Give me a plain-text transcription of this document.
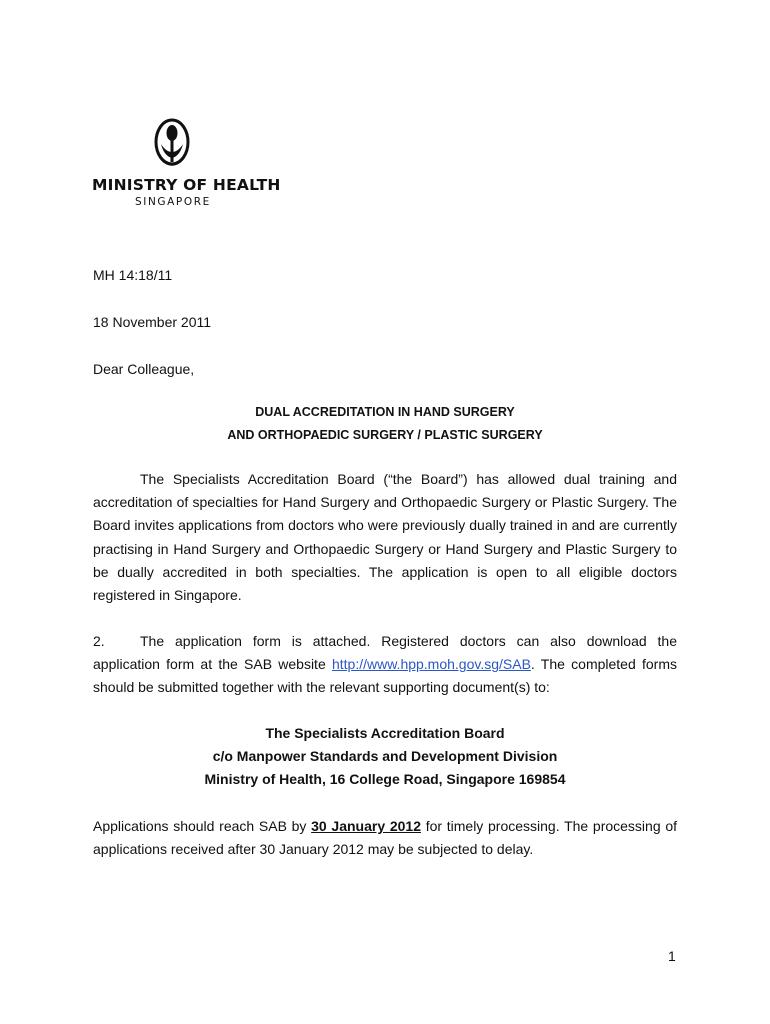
MINISTRY OF HEALTH
SINGAPORE
MH 14:18/11
18 November 2011
Dear Colleague,
DUAL ACCREDITATION IN HAND SURGERY
AND ORTHOPAEDIC SURGERY / PLASTIC SURGERY
The Specialists Accreditation Board (“the Board”) has allowed dual training and accreditation of specialties for Hand Surgery and Orthopaedic Surgery or Plastic Surgery. The Board invites applications from doctors who were previously dually trained in and are currently practising in Hand Surgery and Orthopaedic Surgery or Hand Surgery and Plastic Surgery to be dually accredited in both specialties. The application is open to all eligible doctors registered in Singapore.
2.	The application form is attached. Registered doctors can also download the application form at the SAB website http://www.hpp.moh.gov.sg/SAB. The completed forms should be submitted together with the relevant supporting document(s) to:
The Specialists Accreditation Board
c/o Manpower Standards and Development Division
Ministry of Health, 16 College Road, Singapore 169854
Applications should reach SAB by 30 January 2012 for timely processing. The processing of applications received after 30 January 2012 may be subjected to delay.
1
